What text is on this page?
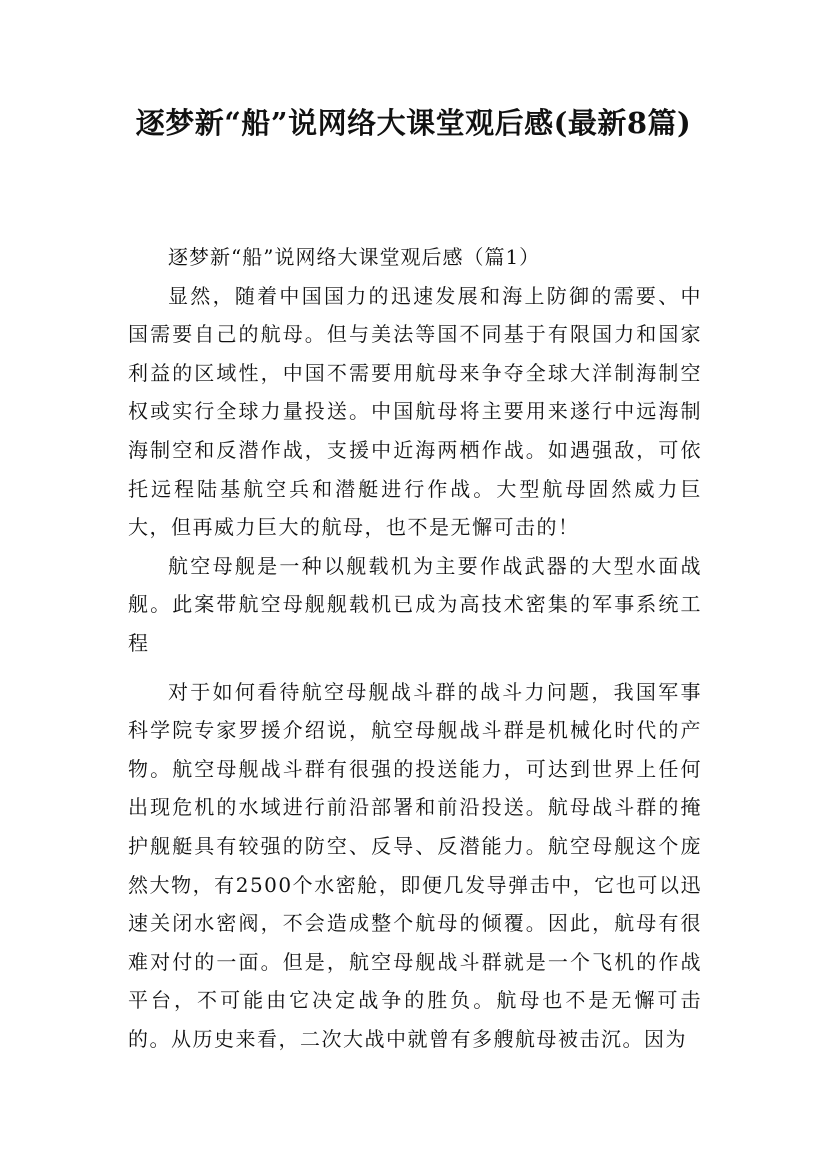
逐梦新“船”说网络大课堂观后感(最新8篇)

逐梦新“船”说网络大课堂观后感（篇1）

显然，随着中国国力的迅速发展和海上防御的需要、中国需要自己的航母。但与美法等国不同基于有限国力和国家利益的区域性，中国不需要用航母来争夺全球大洋制海制空权或实行全球力量投送。中国航母将主要用来遂行中远海制海制空和反潜作战，支援中近海两栖作战。如遇强敌，可依托远程陆基航空兵和潜艇进行作战。大型航母固然威力巨大，但再威力巨大的航母，也不是无懈可击的！

航空母舰是一种以舰载机为主要作战武器的大型水面战舰。此案带航空母舰舰载机已成为高技术密集的军事系统工程

对于如何看待航空母舰战斗群的战斗力问题，我国军事科学院专家罗援介绍说，航空母舰战斗群是机械化时代的产物。航空母舰战斗群有很强的投送能力，可达到世界上任何出现危机的水域进行前沿部署和前沿投送。航母战斗群的掩护舰艇具有较强的防空、反导、反潜能力。航空母舰这个庞然大物，有2500个水密舱，即便几发导弹击中，它也可以迅速关闭水密阀，不会造成整个航母的倾覆。因此，航母有很难对付的一面。但是，航空母舰战斗群就是一个飞机的作战平台，不可能由它决定战争的胜负。航母也不是无懈可击的。从历史来看，二次大战中就曾有多艘航母被击沉。因为
